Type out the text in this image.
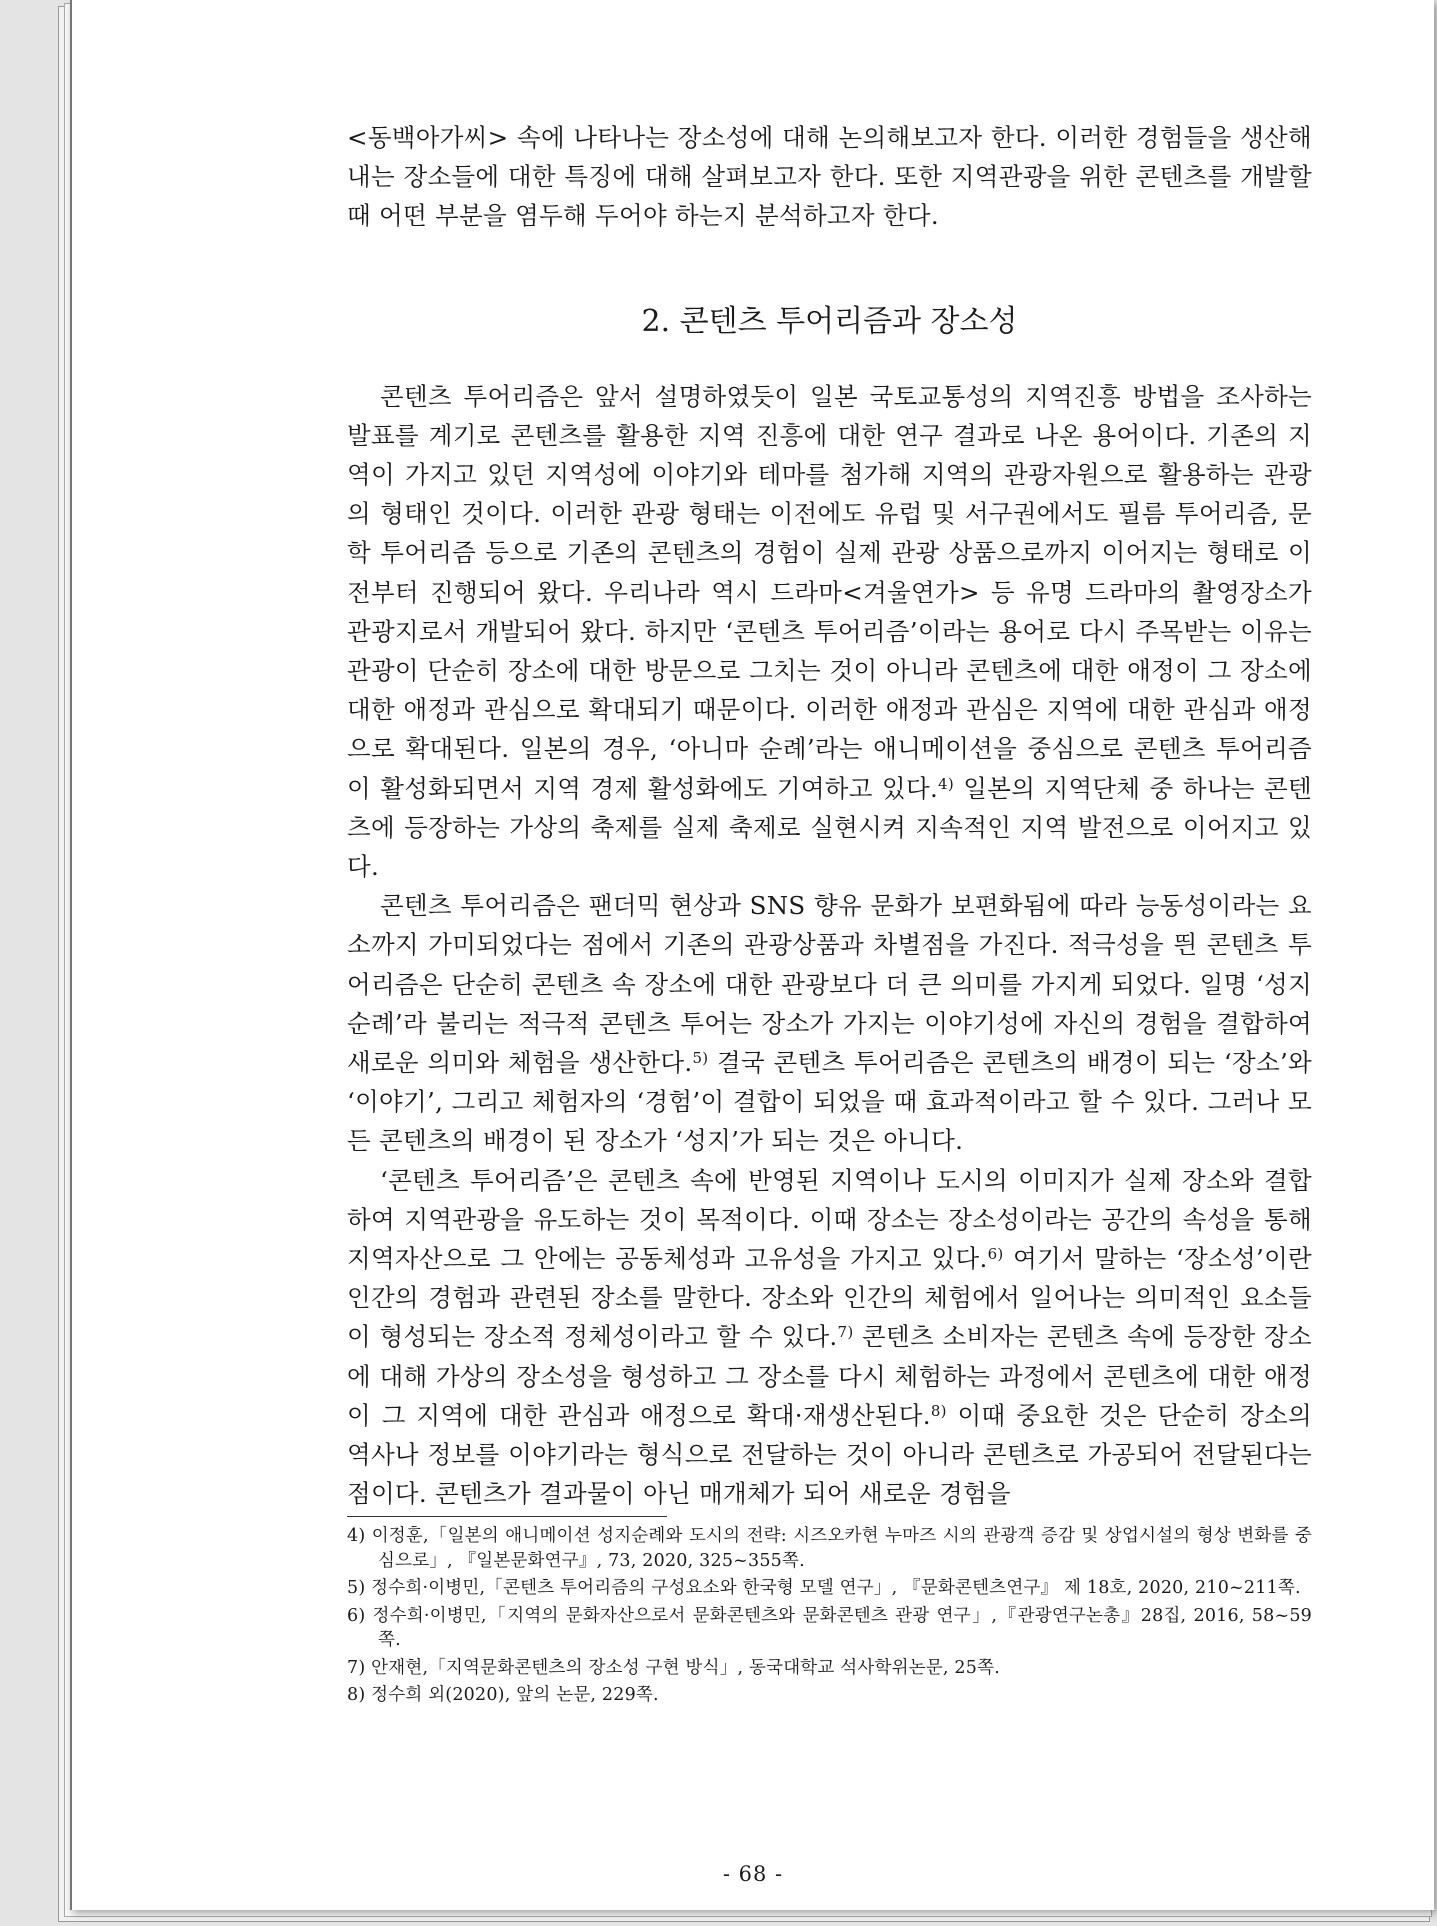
<동백아가씨> 속에 나타나는 장소성에 대해 논의해보고자 한다. 이러한 경험들을 생산해내는 장소들에 대한 특징에 대해 살펴보고자 한다. 또한 지역관광을 위한 콘텐츠를 개발할 때 어떤 부분을 염두해 두어야 하는지 분석하고자 한다.

2. 콘텐츠 투어리즘과 장소성

콘텐츠 투어리즘은 앞서 설명하였듯이 일본 국토교통성의 지역진흥 방법을 조사하는 발표를 계기로 콘텐츠를 활용한 지역 진흥에 대한 연구 결과로 나온 용어이다. 기존의 지역이 가지고 있던 지역성에 이야기와 테마를 첨가해 지역의 관광자원으로 활용하는 관광의 형태인 것이다. 이러한 관광 형태는 이전에도 유럽 및 서구권에서도 필름 투어리즘, 문학 투어리즘 등으로 기존의 콘텐츠의 경험이 실제 관광 상품으로까지 이어지는 형태로 이전부터 진행되어 왔다. 우리나라 역시 드라마<겨울연가> 등 유명 드라마의 촬영장소가 관광지로서 개발되어 왔다. 하지만 ‘콘텐츠 투어리즘’이라는 용어로 다시 주목받는 이유는 관광이 단순히 장소에 대한 방문으로 그치는 것이 아니라 콘텐츠에 대한 애정이 그 장소에 대한 애정과 관심으로 확대되기 때문이다. 이러한 애정과 관심은 지역에 대한 관심과 애정으로 확대된다. 일본의 경우, ‘아니마 순례’라는 애니메이션을 중심으로 콘텐츠 투어리즘이 활성화되면서 지역 경제 활성화에도 기여하고 있다.$^{4)}$ 일본의 지역단체 중 하나는 콘텐츠에 등장하는 가상의 축제를 실제 축제로 실현시켜 지속적인 지역 발전으로 이어지고 있다.

콘텐츠 투어리즘은 팬더믹 현상과 SNS 향유 문화가 보편화됨에 따라 능동성이라는 요소까지 가미되었다는 점에서 기존의 관광상품과 차별점을 가진다. 적극성을 띈 콘텐츠 투어리즘은 단순히 콘텐츠 속 장소에 대한 관광보다 더 큰 의미를 가지게 되었다. 일명 ‘성지순례’라 불리는 적극적 콘텐츠 투어는 장소가 가지는 이야기성에 자신의 경험을 결합하여 새로운 의미와 체험을 생산한다.$^{5)}$ 결국 콘텐츠 투어리즘은 콘텐츠의 배경이 되는 ‘장소’와 ‘이야기’, 그리고 체험자의 ‘경험’이 결합이 되었을 때 효과적이라고 할 수 있다. 그러나 모든 콘텐츠의 배경이 된 장소가 ‘성지’가 되는 것은 아니다.

‘콘텐츠 투어리즘’은 콘텐츠 속에 반영된 지역이나 도시의 이미지가 실제 장소와 결합하여 지역관광을 유도하는 것이 목적이다. 이때 장소는 장소성이라는 공간의 속성을 통해 지역자산으로 그 안에는 공동체성과 고유성을 가지고 있다.$^{6)}$ 여기서 말하는 ‘장소성’이란 인간의 경험과 관련된 장소를 말한다. 장소와 인간의 체험에서 일어나는 의미적인 요소들이 형성되는 장소적 정체성이라고 할 수 있다.$^{7)}$ 콘텐츠 소비자는 콘텐츠 속에 등장한 장소에 대해 가상의 장소성을 형성하고 그 장소를 다시 체험하는 과정에서 콘텐츠에 대한 애정이 그 지역에 대한 관심과 애정으로 확대·재생산된다.$^{8)}$ 이때 중요한 것은 단순히 장소의 역사나 정보를 이야기라는 형식으로 전달하는 것이 아니라 콘텐츠로 가공되어 전달된다는 점이다. 콘텐츠가 결과물이 아닌 매개체가 되어 새로운 경험을

4) 이정훈,「일본의 애니메이션 성지순례와 도시의 전략: 시즈오카현 누마즈 시의 관광객 증감 및 상업시설의 형상 변화를 중심으로」, 『일본문화연구』, 73, 2020, 325~355쪽.

5) 정수희·이병민,「콘텐츠 투어리즘의 구성요소와 한국형 모델 연구」, 『문화콘텐츠연구』 제 18호, 2020, 210~211쪽.

6) 정수희·이병민,「지역의 문화자산으로서 문화콘텐츠와 문화콘텐츠 관광 연구」,『관광연구논총』28집, 2016, 58~59쪽.

7) 안재현,「지역문화콘텐츠의 장소성 구현 방식」, 동국대학교 석사학위논문, 25쪽.

8) 정수희 외(2020), 앞의 논문, 229쪽.

- 68 -
